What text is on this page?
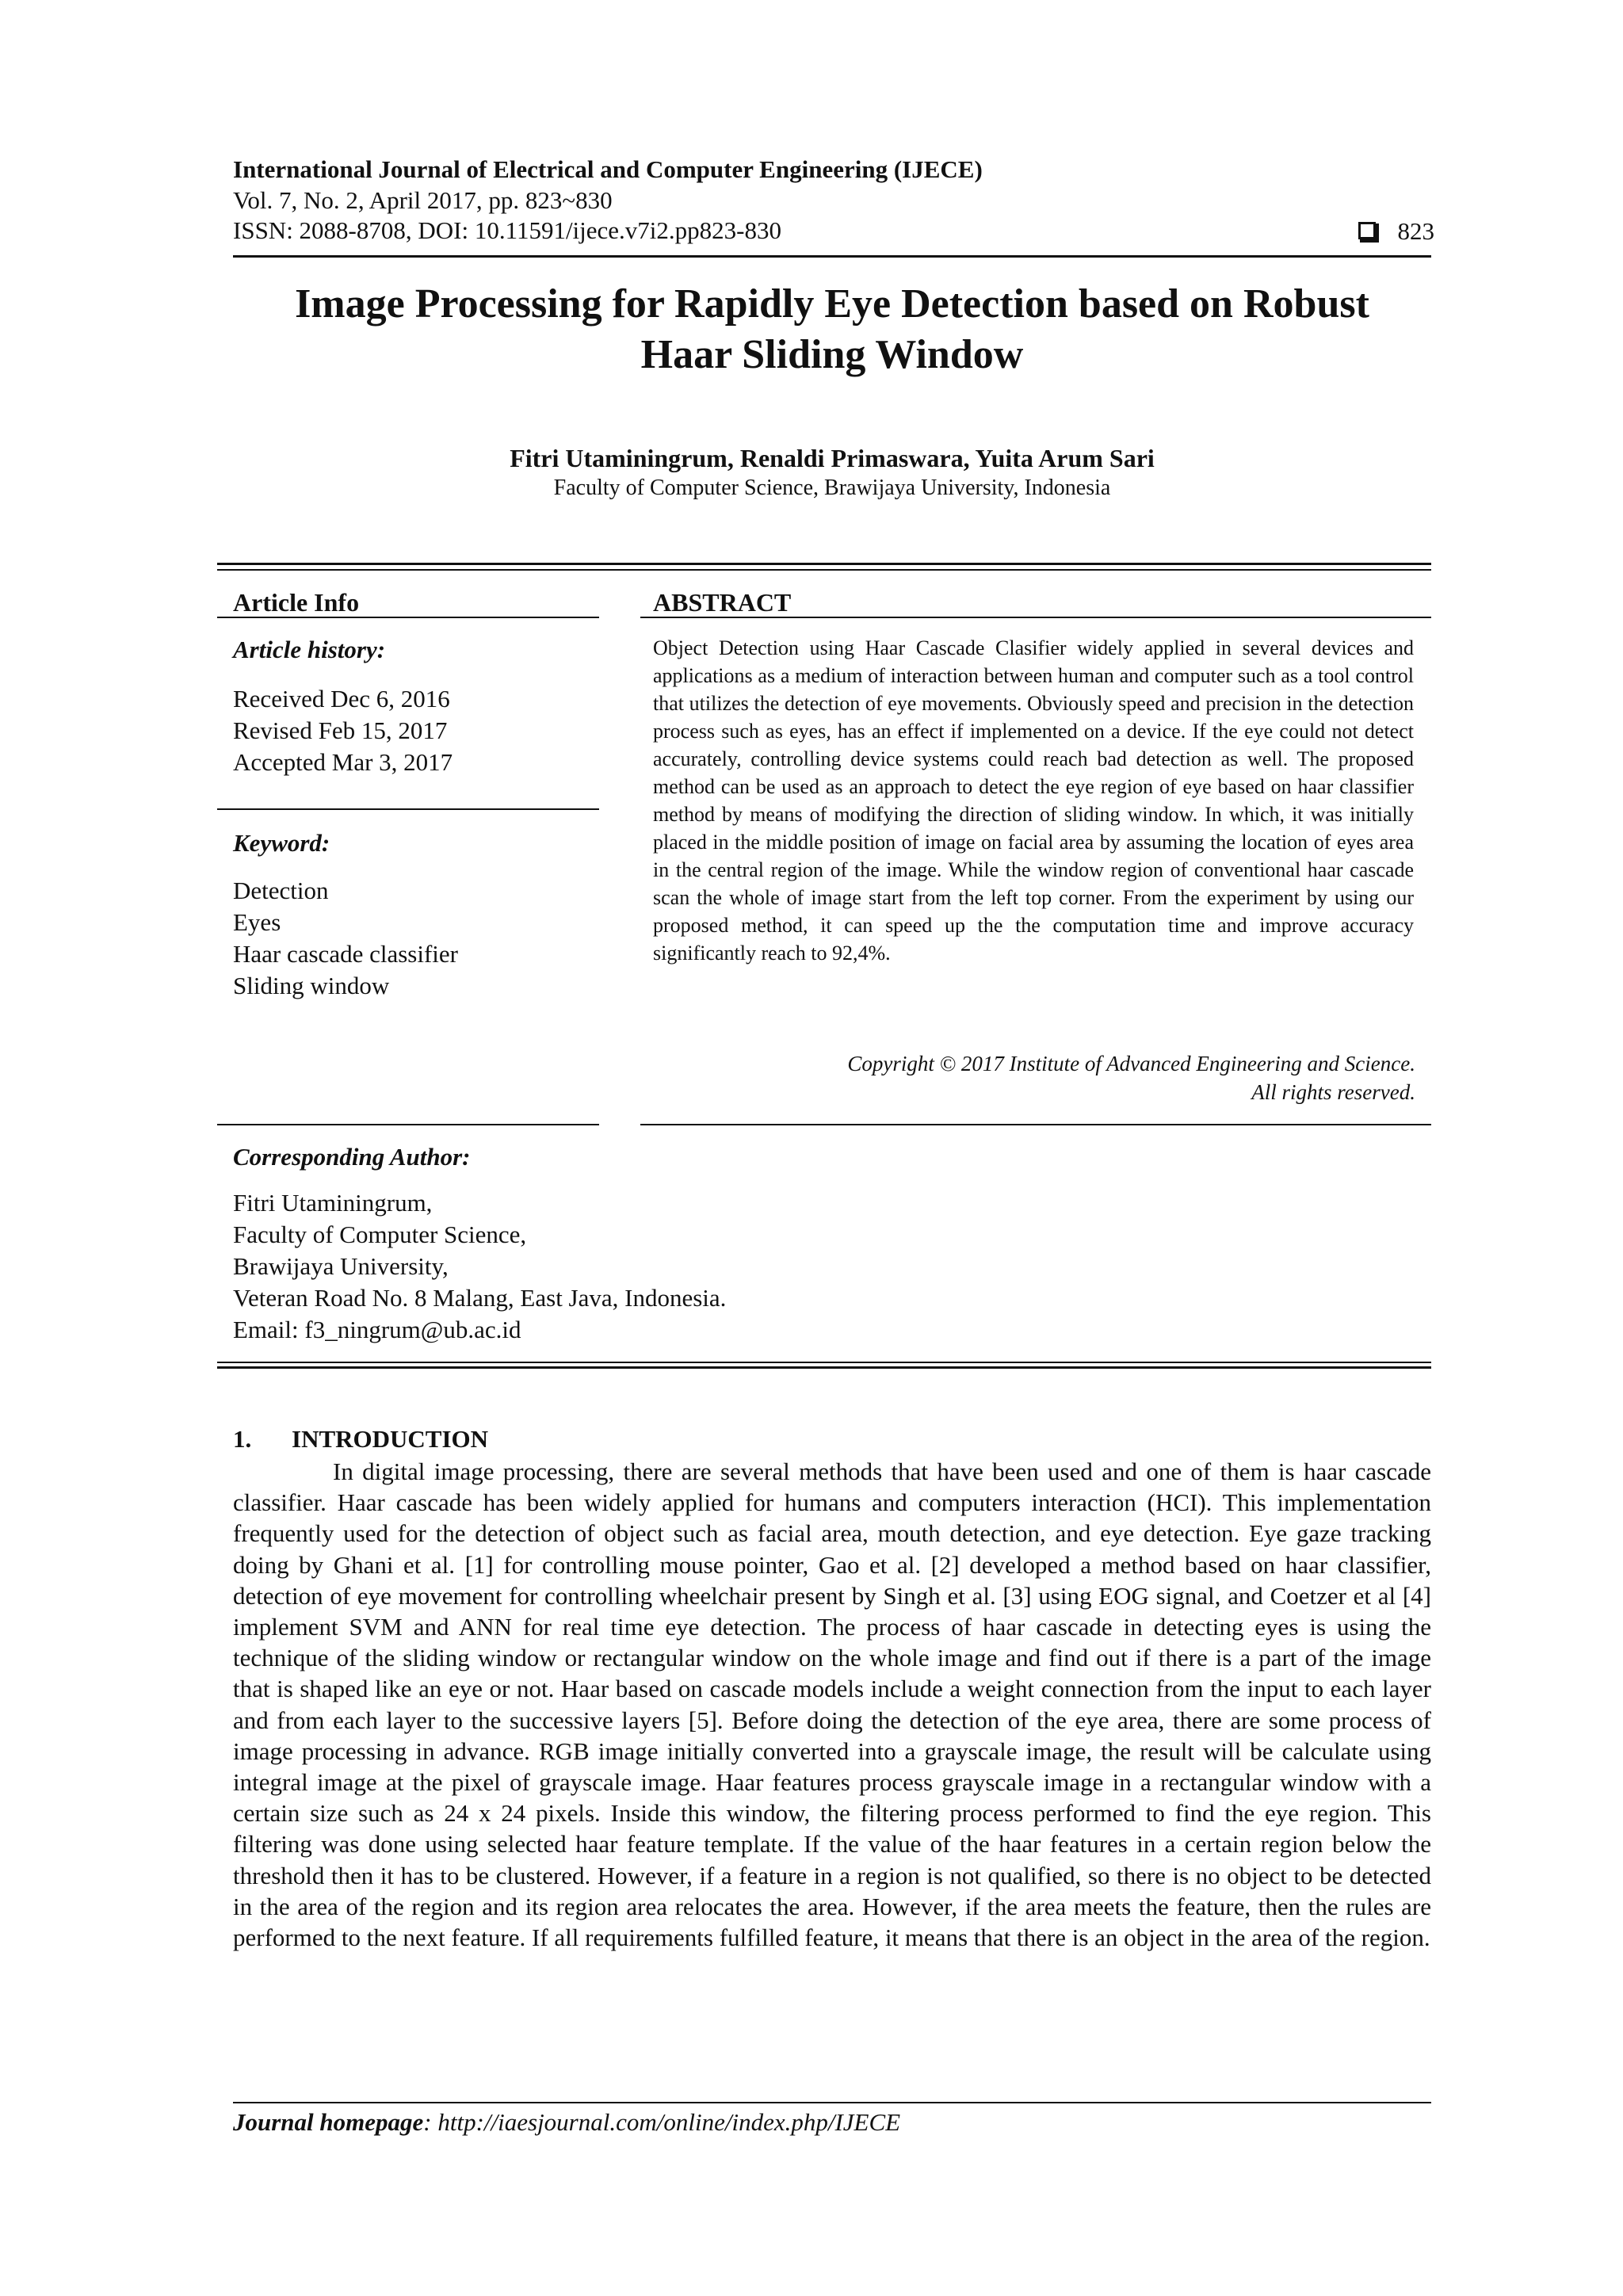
International Journal of Electrical and Computer Engineering (IJECE)
Vol. 7, No. 2, April 2017, pp. 823~830
ISSN: 2088-8708, DOI: 10.11591/ijece.v7i2.pp823-830	823
Image Processing for Rapidly Eye Detection based on Robust
Haar Sliding Window
Fitri Utaminingrum, Renaldi Primaswara, Yuita Arum Sari
Faculty of Computer Science, Brawijaya University, Indonesia
Article Info
Article history:
Received Dec 6, 2016
Revised Feb 15, 2017
Accepted Mar 3, 2017
Keyword:
Detection
Eyes
Haar cascade classifier
Sliding window
ABSTRACT
Object Detection using Haar Cascade Clasifier widely applied in several devices and applications as a medium of interaction between human and computer such as a tool control that utilizes the detection of eye movements. Obviously speed and precision in the detection process such as eyes, has an effect if implemented on a device. If the eye could not detect accurately, controlling device systems could reach bad detection as well. The proposed method can be used as an approach to detect the eye region of eye based on haar classifier method by means of modifying the direction of sliding window. In which, it was initially placed in the middle position of image on facial area by assuming the location of eyes area in the central region of the image. While the window region of conventional haar cascade scan the whole of image start from the left top corner. From the experiment by using our proposed method, it can speed up the the computation time and improve accuracy significantly reach to 92,4%.
Copyright © 2017 Institute of Advanced Engineering and Science.
All rights reserved.
Corresponding Author:
Fitri Utaminingrum,
Faculty of Computer Science,
Brawijaya University,
Veteran Road No. 8 Malang, East Java, Indonesia.
Email: f3_ningrum@ub.ac.id
1. INTRODUCTION

In digital image processing, there are several methods that have been used and one of them is haar cascade classifier. Haar cascade has been widely applied for humans and computers interaction (HCI). This implementation frequently used for the detection of object such as facial area, mouth detection, and eye detection. Eye gaze tracking doing by Ghani et al. [1] for controlling mouse pointer, Gao et al. [2] developed a method based on haar classifier, detection of eye movement for controlling wheelchair present by Singh et al. [3] using EOG signal, and Coetzer et al [4] implement SVM and ANN for real time eye detection. The process of haar cascade in detecting eyes is using the technique of the sliding window or rectangular window on the whole image and find out if there is a part of the image that is shaped like an eye or not. Haar based on cascade models include a weight connection from the input to each layer and from each layer to the successive layers [5]. Before doing the detection of the eye area, there are some process of image processing in advance. RGB image initially converted into a grayscale image, the result will be calculate using integral image at the pixel of grayscale image. Haar features process grayscale image in a rectangular window with a certain size such as 24 x 24 pixels. Inside this window, the filtering process performed to find the eye region. This filtering was done using selected haar feature template. If the value of the haar features in a certain region below the threshold then it has to be clustered. However, if a feature in a region is not qualified, so there is no object to be detected in the area of the region and its region area relocates the area. However, if the area meets the feature, then the rules are performed to the next feature. If all requirements fulfilled feature, it means that there is an object in the area of the region.

Journal homepage: http://iaesjournal.com/online/index.php/IJECE
